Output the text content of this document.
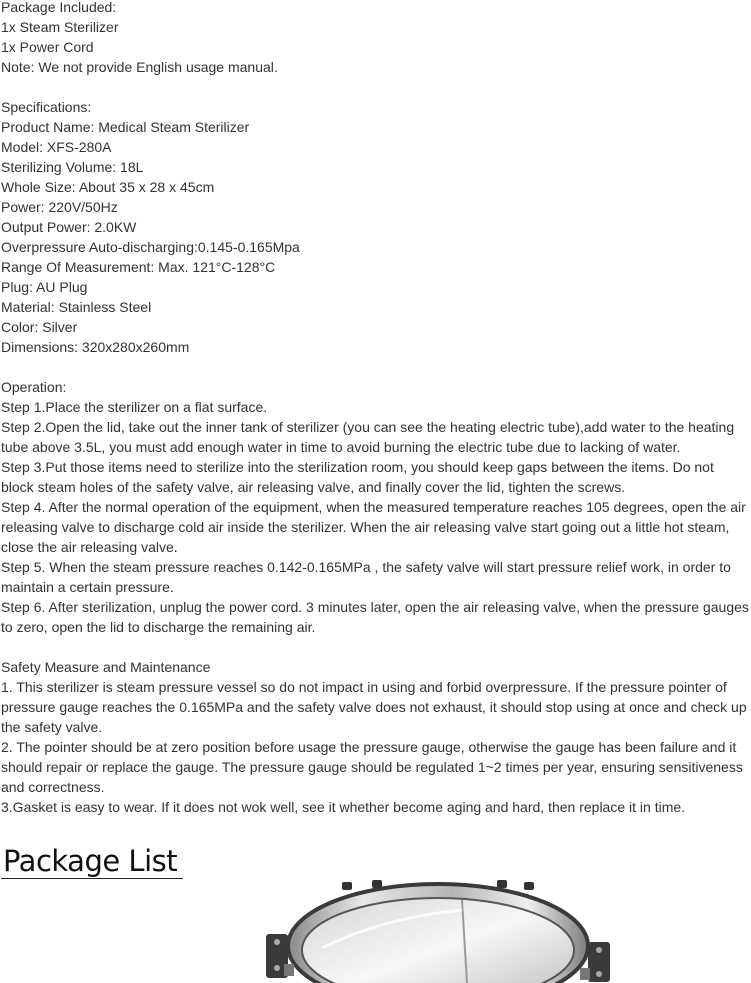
Package Included:
1x Steam Sterilizer
1x Power Cord
Note: We not provide English usage manual.
Specifications:
Product Name: Medical Steam Sterilizer
Model: XFS-280A
Sterilizing Volume: 18L
Whole Size: About 35 x 28 x 45cm
Power: 220V/50Hz
Output Power: 2.0KW
Overpressure Auto-discharging:0.145-0.165Mpa
Range Of Measurement: Max. 121°C-128°C
Plug: AU Plug
Material: Stainless Steel
Color: Silver
Dimensions: 320x280x260mm
Operation:
Step 1.Place the sterilizer on a flat surface.
Step 2.Open the lid, take out the inner tank of sterilizer (you can see the heating electric tube),add water to the heating tube above 3.5L, you must add enough water in time to avoid burning the electric tube due to lacking of water.
Step 3.Put those items need to sterilize into the sterilization room, you should keep gaps between the items. Do not block steam holes of the safety valve, air releasing valve, and finally cover the lid, tighten the screws.
Step 4. After the normal operation of the equipment, when the measured temperature reaches 105 degrees, open the air releasing valve to discharge cold air inside the sterilizer. When the air releasing valve start going out a little hot steam, close the air releasing valve.
Step 5. When the steam pressure reaches 0.142-0.165MPa , the safety valve will start pressure relief work, in order to maintain a certain pressure.
Step 6. After sterilization, unplug the power cord. 3 minutes later, open the air releasing valve, when the pressure gauges to zero, open the lid to discharge the remaining air.
Safety Measure and Maintenance
1. This sterilizer is steam pressure vessel so do not impact in using and forbid overpressure. If the pressure pointer of pressure gauge reaches the 0.165MPa and the safety valve does not exhaust, it should stop using at once and check up the safety valve.
2. The pointer should be at zero position before usage the pressure gauge, otherwise the gauge has been failure and it should repair or replace the gauge. The pressure gauge should be regulated 1~2 times per year, ensuring sensitiveness and correctness.
3.Gasket is easy to wear. If it does not wok well, see it whether become aging and hard, then replace it in time.
Package List
